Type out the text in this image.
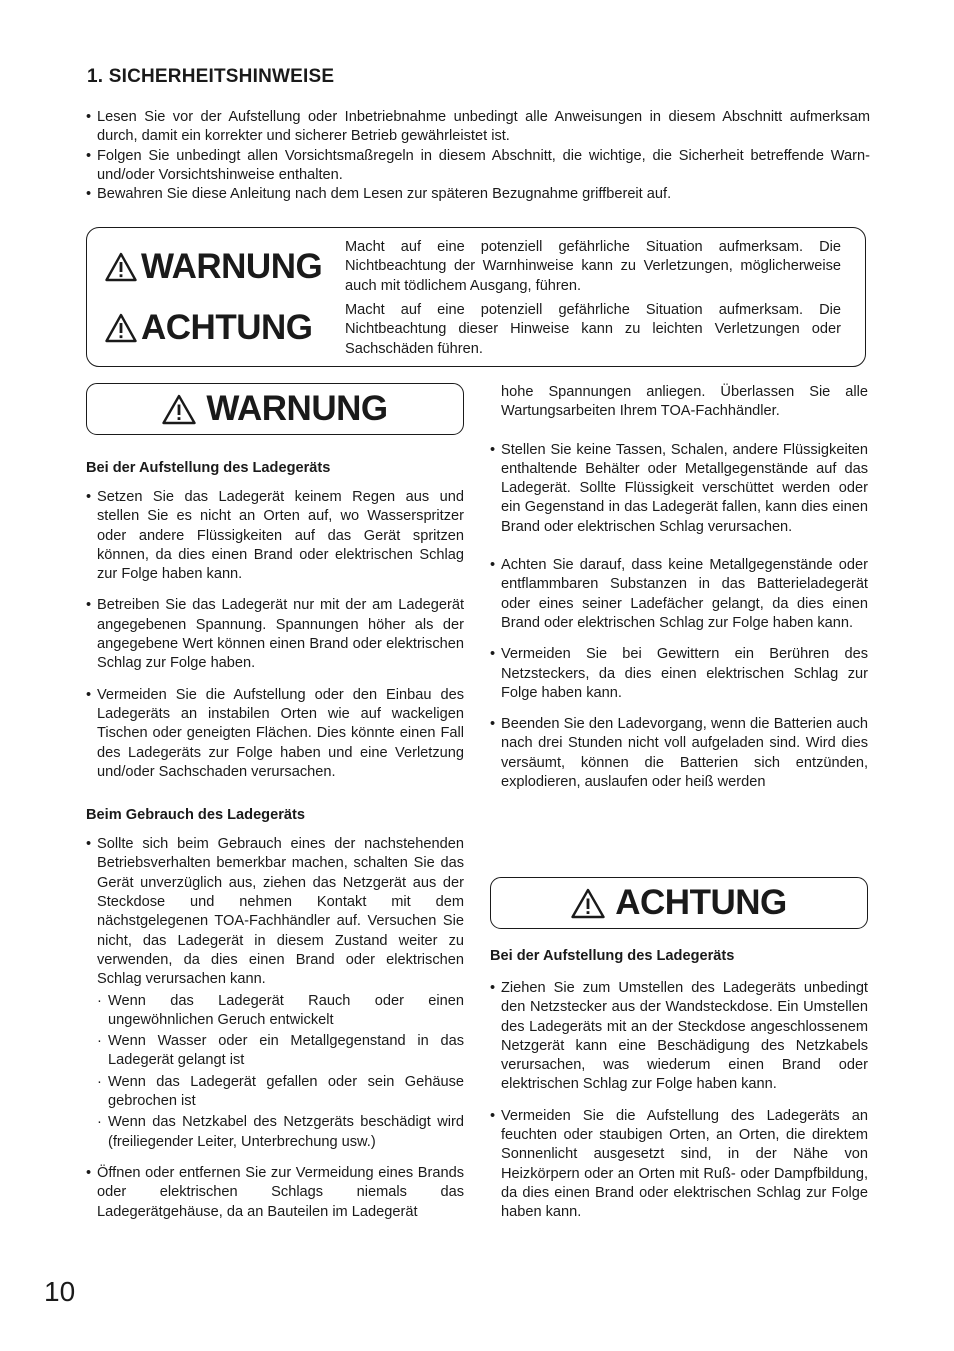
1. SICHERHEITSHINWEISE
• Lesen Sie vor der Aufstellung oder Inbetriebnahme unbedingt alle Anweisungen in diesem Abschnitt aufmerksam durch, damit ein korrekter und sicherer Betrieb gewährleistet ist.
• Folgen Sie unbedingt allen Vorsichtsmaßregeln in diesem Abschnitt, die wichtige, die Sicherheit betreffende Warn- und/oder Vorsichtshinweise enthalten.
• Bewahren Sie diese Anleitung nach dem Lesen zur späteren Bezugnahme griffbereit auf.
WARNUNG Macht auf eine potenziell gefährliche Situation aufmerksam. Die Nichtbeachtung der Warnhinweise kann zu Verletzungen, möglicherweise auch mit tödlichem Ausgang, führen.
ACHTUNG Macht auf eine potenziell gefährliche Situation aufmerksam. Die Nichtbeachtung dieser Hinweise kann zu leichten Verletzungen oder Sachschäden führen.
WARNUNG

Bei der Aufstellung des Ladegeräts

• Setzen Sie das Ladegerät keinem Regen aus und stellen Sie es nicht an Orten auf, wo Wasserspritzer oder andere Flüssigkeiten auf das Gerät spritzen können, da dies einen Brand oder elektrischen Schlag zur Folge haben kann.
• Betreiben Sie das Ladegerät nur mit der am Ladegerät angegebenen Spannung. Spannungen höher als der angegebene Wert können einen Brand oder elektrischen Schlag zur Folge haben.
• Vermeiden Sie die Aufstellung oder den Einbau des Ladegeräts an instabilen Orten wie auf wackeligen Tischen oder geneigten Flächen. Dies könnte einen Fall des Ladegeräts zur Folge haben und eine Verletzung und/oder Sachschaden verursachen.

Beim Gebrauch des Ladegeräts

• Sollte sich beim Gebrauch eines der nachstehenden Betriebsverhalten bemerkbar machen, schalten Sie das Gerät unverzüglich aus, ziehen das Netzgerät aus der Steckdose und nehmen Kontakt mit dem nächstgelegenen TOA-Fachhändler auf. Versuchen Sie nicht, das Ladegerät in diesem Zustand weiter zu verwenden, da dies einen Brand oder elektrischen Schlag verursachen kann.
· Wenn das Ladegerät Rauch oder einen ungewöhnlichen Geruch entwickelt
· Wenn Wasser oder ein Metallgegenstand in das Ladegerät gelangt ist
· Wenn das Ladegerät gefallen oder sein Gehäuse gebrochen ist
· Wenn das Netzkabel des Netzgeräts beschädigt wird (freiliegender Leiter, Unterbrechung usw.)
• Öffnen oder entfernen Sie zur Vermeidung eines Brands oder elektrischen Schlags niemals das Ladegerätgehäuse, da an Bauteilen im Ladegerät
hohe Spannungen anliegen. Überlassen Sie alle Wartungsarbeiten Ihrem TOA-Fachhändler.
• Stellen Sie keine Tassen, Schalen, andere Flüssigkeiten enthaltende Behälter oder Metallgegenstände auf das Ladegerät. Sollte Flüssigkeit verschüttet werden oder ein Gegenstand in das Ladegerät fallen, kann dies einen Brand oder elektrischen Schlag verursachen.
• Achten Sie darauf, dass keine Metallgegenstände oder entflammbaren Substanzen in das Batterieladegerät oder eines seiner Ladefächer gelangt, da dies einen Brand oder elektrischen Schlag zur Folge haben kann.
• Vermeiden Sie bei Gewittern ein Berühren des Netzsteckers, da dies einen elektrischen Schlag zur Folge haben kann.
• Beenden Sie den Ladevorgang, wenn die Batterien auch nach drei Stunden nicht voll aufgeladen sind. Wird dies versäumt, können die Batterien sich entzünden, explodieren, auslaufen oder heiß werden
ACHTUNG

Bei der Aufstellung des Ladegeräts

• Ziehen Sie zum Umstellen des Ladegeräts unbedingt den Netzstecker aus der Wandsteckdose. Ein Umstellen des Ladegeräts mit an der Steckdose angeschlossenem Netzgerät kann eine Beschädigung des Netzkabels verursachen, was wiederum einen Brand oder elektrischen Schlag zur Folge haben kann.
• Vermeiden Sie die Aufstellung des Ladegeräts an feuchten oder staubigen Orten, an Orten, die direktem Sonnenlicht ausgesetzt sind, in der Nähe von Heizkörpern oder an Orten mit Ruß- oder Dampfbildung, da dies einen Brand oder elektrischen Schlag zur Folge haben kann.
10
